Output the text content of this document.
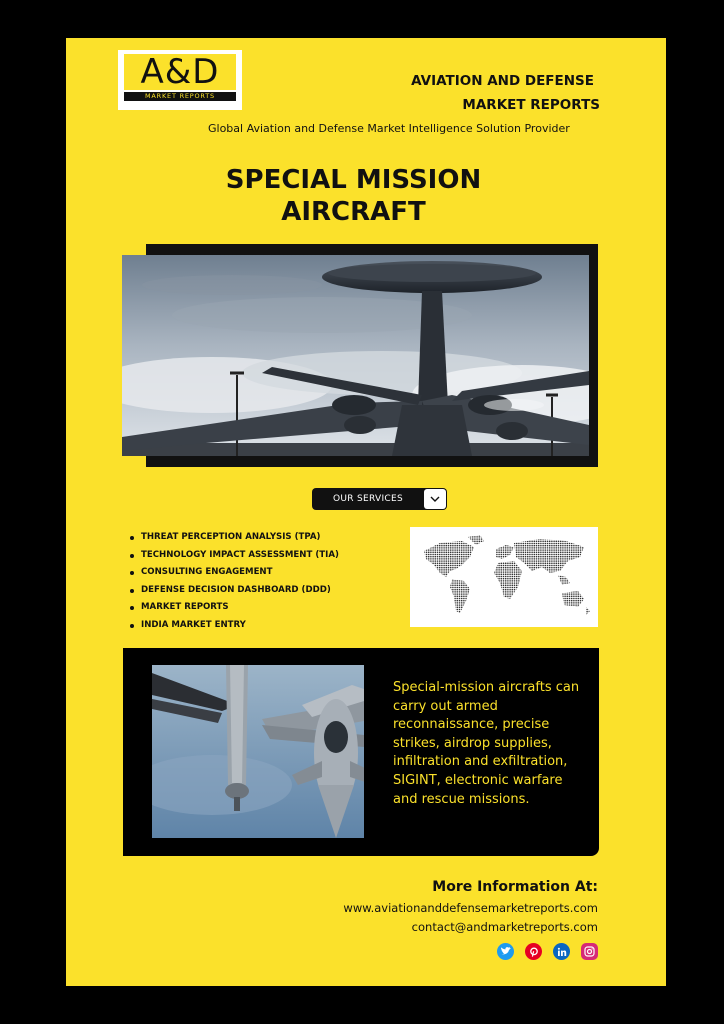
A&D
MARKET REPORTS
AVIATION AND DEFENSE
MARKET REPORTS
Global Aviation and Defense Market Intelligence Solution Provider
SPECIAL MISSION
AIRCRAFT
OUR SERVICES
THREAT PERCEPTION ANALYSIS (TPA)
TECHNOLOGY IMPACT ASSESSMENT (TIA)
CONSULTING ENGAGEMENT
DEFENSE DECISION DASHBOARD (DDD)
MARKET REPORTS
INDIA MARKET ENTRY
Special-mission aircrafts can carry out armed reconnaissance, precise strikes, airdrop supplies, infiltration and exfiltration, SIGINT, electronic warfare and rescue missions.
More Information At:
www.aviationanddefensemarketreports.com
contact@andmarketreports.com
